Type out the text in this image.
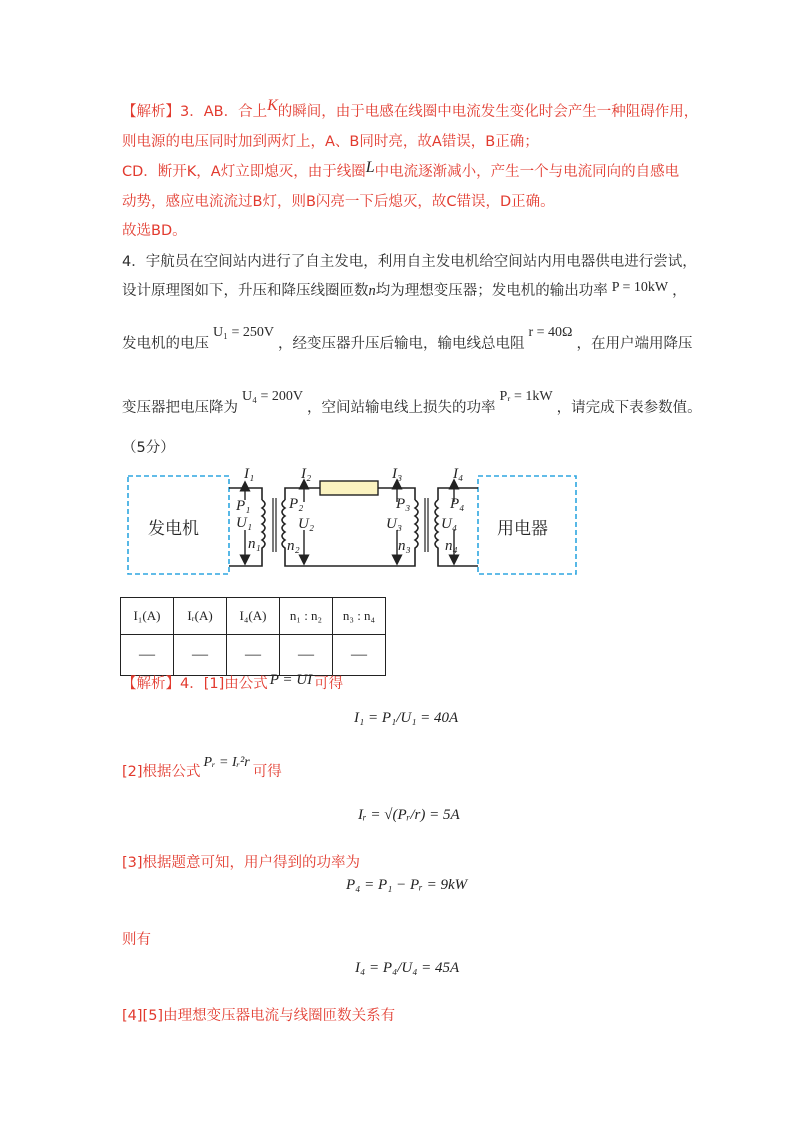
【解析】3．AB．合上K的瞬间，由于电感在线圈中电流发生变化时会产生一种阻碍作用，
则电源的电压同时加到两灯上，A、B同时亮，故A错误，B正确；
CD．断开K，A灯立即熄灭，由于线圈L中电流逐渐减小，产生一个与电流同向的自感电
动势，感应电流流过B灯，则B闪亮一下后熄灭，故C错误，D正确。
故选BD。
4．宇航员在空间站内进行了自主发电，利用自主发电机给空间站内用电器供电进行尝试，
设计原理图如下，升压和降压线圈匝数n均为理想变压器；发电机的输出功率 P = 10kW ，
发电机的电压U₁ = 250V，经变压器升压后输电，输电线总电阻r = 40Ω，在用户端用降压
变压器把电压降为U₄ = 200V，空间站输电线上损失的功率Pᵣ = 1kW，请完成下表参数值。
（5分）
发电机	用电器
I₁	I₂	I₃	I₄
P₁	P₂	P₃	P₄
U₁	U₂	U₃	U₄
n₁ n₂	n₃ n₄
I₁(A)	Iᵣ(A)	I₄(A)	n₁ : n₂	n₃ : n₄
—	—	—	—	—
【解析】4．[1]由公式 P = UI 可得
I₁ = P₁/U₁ = 40A
[2]根据公式Pᵣ = Iᵣ²r可得
Iᵣ = √(Pᵣ/r) = 5A
[3]根据题意可知，用户得到的功率为
P₄ = P₁ − Pᵣ = 9kW
则有
I₄ = P₄/U₄ = 45A
[4][5]由理想变压器电流与线圈匝数关系有
